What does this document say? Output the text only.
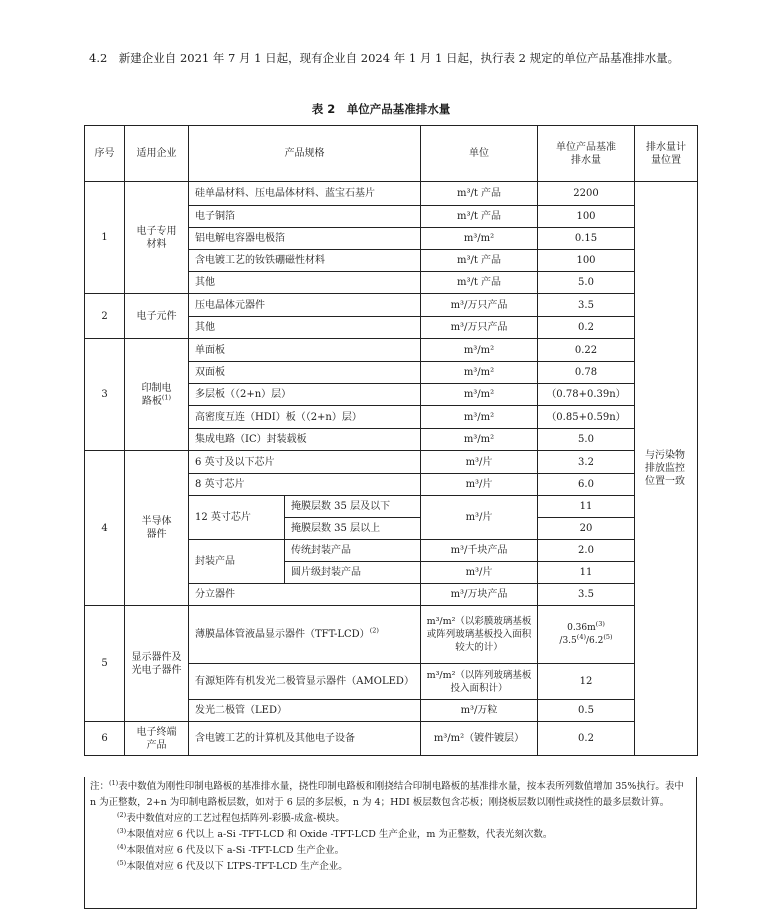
4.2　新建企业自 2021 年 7 月 1 日起，现有企业自 2024 年 1 月 1 日起，执行表 2 规定的单位产品基准排水量。
表 2　单位产品基准排水量
序号	适用企业	产品规格		单位	单位产品基准排水量	排水量计量位置
1	电子专用材料	硅单晶材料、压电晶体材料、蓝宝石基片		m³/t 产品	2200	与污染物排放监控位置一致
		电子铜箔		m³/t 产品	100	
		铝电解电容器电极箔		m³/m²	0.15	
		含电镀工艺的钕铁硼磁性材料		m³/t 产品	100	
		其他		m³/t 产品	5.0	
2	电子元件	压电晶体元器件		m³/万只产品	3.5	
		其他		m³/万只产品	0.2	
3	印制电路板$^{(1)}$	单面板		m³/m²	0.22	
		双面板		m³/m²	0.78	
		多层板（（2+n）层）		m³/m²	（0.78+0.39n）	
		高密度互连（HDI）板（（2+n）层）		m³/m²	（0.85+0.59n）	
		集成电路（IC）封装载板		m³/m²	5.0	
4	半导体器件	6 英寸及以下芯片		m³/片	3.2	
		8 英寸芯片		m³/片	6.0	
		12 英寸芯片	掩膜层数 35 层及以下	m³/片	11	
			掩膜层数 35 层以上		20	
		封装产品	传统封装产品	m³/千块产品	2.0	
			圆片级封装产品	m³/片	11	
		分立器件		m³/万块产品	3.5	
5	显示器件及光电子器件	薄膜晶体管液晶显示器件$(TFT-LCD)^{(2)}$		m³/m²（以彩膜玻璃基板或阵列玻璃基板投入面积较大的计）	$0.36m^{(3)}$
/3.5$^{(4)}$/6.2$^{(5)}$

		有源矩阵有机发光二极管显示器件（AMOLED）		m³/m²（以阵列玻璃基板投入面积计）	12	
		发光二极管（LED）		m³/万粒	0.5	
6	电子终端产品	含电镀工艺的计算机及其他电子设备		m³/m²（镀件镀层）	0.2	

注：$^{(1)}$表中数值为刚性印制电路板的基准排水量，挠性印制电路板和刚挠结合印制电路板的基准排水量，按本表所列数值增加 35%执行。表中 n 为正整数，2+n 为印制电路板层数，如对于 6 层的多层板，n 为 4；HDI 板层数包含芯板；刚挠板层数以刚性或挠性的最多层数计算。

$^{(2)}$表中数值对应的工艺过程包括阵列-彩膜-成盒-模块。

$^{(3)}$本限值对应 6 代以上 a-Si -TFT-LCD 和 Oxide -TFT-LCD 生产企业，m 为正整数，代表光刻次数。

$^{(4)}$本限值对应 6 代及以下 a-Si -TFT-LCD 生产企业。

$^{(5)}$本限值对应 6 代及以下 LTPS-TFT-LCD 生产企业。
